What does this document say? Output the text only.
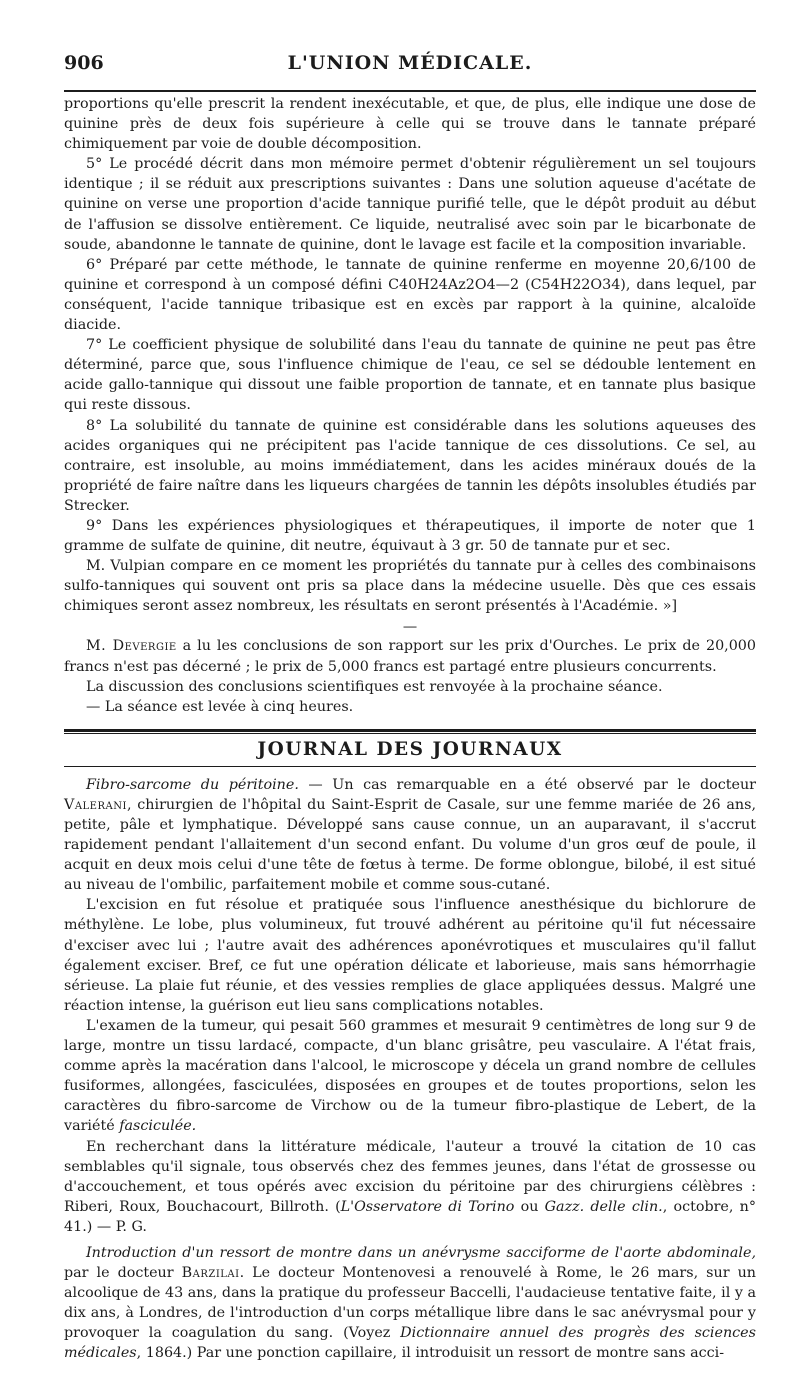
906	L'UNION MÉDICALE.

proportions qu'elle prescrit la rendent inexécutable, et que, de plus, elle indique une dose de quinine près de deux fois supérieure à celle qui se trouve dans le tannate préparé chimiquement par voie de double décomposition.

5° Le procédé décrit dans mon mémoire permet d'obtenir régulièrement un sel toujours identique ; il se réduit aux prescriptions suivantes : Dans une solution aqueuse d'acétate de quinine on verse une proportion d'acide tannique purifié telle, que le dépôt produit au début de l'affusion se dissolve entièrement. Ce liquide, neutralisé avec soin par le bicarbonate de soude, abandonne le tannate de quinine, dont le lavage est facile et la composition invariable.

6° Préparé par cette méthode, le tannate de quinine renferme en moyenne 20,6/100 de quinine et correspond à un composé défini C40H24Az2O4—2 (C54H22O34), dans lequel, par conséquent, l'acide tannique tribasique est en excès par rapport à la quinine, alcaloïde diacide.

7° Le coefficient physique de solubilité dans l'eau du tannate de quinine ne peut pas être déterminé, parce que, sous l'influence chimique de l'eau, ce sel se dédouble lentement en acide gallo-tannique qui dissout une faible proportion de tannate, et en tannate plus basique qui reste dissous.

8° La solubilité du tannate de quinine est considérable dans les solutions aqueuses des acides organiques qui ne précipitent pas l'acide tannique de ces dissolutions. Ce sel, au contraire, est insoluble, au moins immédiatement, dans les acides minéraux doués de la propriété de faire naître dans les liqueurs chargées de tannin les dépôts insolubles étudiés par Strecker.

9° Dans les expériences physiologiques et thérapeutiques, il importe de noter que 1 gramme de sulfate de quinine, dit neutre, équivaut à 3 gr. 50 de tannate pur et sec.

M. Vulpian compare en ce moment les propriétés du tannate pur à celles des combinaisons sulfo-tanniques qui souvent ont pris sa place dans la médecine usuelle. Dès que ces essais chimiques seront assez nombreux, les résultats en seront présentés à l'Académie. »]

—

M. Devergie a lu les conclusions de son rapport sur les prix d'Ourches. Le prix de 20,000 francs n'est pas décerné ; le prix de 5,000 francs est partagé entre plusieurs concurrents.

La discussion des conclusions scientifiques est renvoyée à la prochaine séance.

— La séance est levée à cinq heures.

JOURNAL DES JOURNAUX

Fibro-sarcome du péritoine. — Un cas remarquable en a été observé par le docteur Valerani, chirurgien de l'hôpital du Saint-Esprit de Casale, sur une femme mariée de 26 ans, petite, pâle et lymphatique. Développé sans cause connue, un an auparavant, il s'accrut rapidement pendant l'allaitement d'un second enfant. Du volume d'un gros œuf de poule, il acquit en deux mois celui d'une tête de fœtus à terme. De forme oblongue, bilobé, il est situé au niveau de l'ombilic, parfaitement mobile et comme sous-cutané.

L'excision en fut résolue et pratiquée sous l'influence anesthésique du bichlorure de méthylène. Le lobe, plus volumineux, fut trouvé adhérent au péritoine qu'il fut nécessaire d'exciser avec lui ; l'autre avait des adhérences aponévrotiques et musculaires qu'il fallut également exciser. Bref, ce fut une opération délicate et laborieuse, mais sans hémorrhagie sérieuse. La plaie fut réunie, et des vessies remplies de glace appliquées dessus. Malgré une réaction intense, la guérison eut lieu sans complications notables.

L'examen de la tumeur, qui pesait 560 grammes et mesurait 9 centimètres de long sur 9 de large, montre un tissu lardacé, compacte, d'un blanc grisâtre, peu vasculaire. A l'état frais, comme après la macération dans l'alcool, le microscope y décela un grand nombre de cellules fusiformes, allongées, fasciculées, disposées en groupes et de toutes proportions, selon les caractères du fibro-sarcome de Virchow ou de la tumeur fibro-plastique de Lebert, de la variété fasciculée.

En recherchant dans la littérature médicale, l'auteur a trouvé la citation de 10 cas semblables qu'il signale, tous observés chez des femmes jeunes, dans l'état de grossesse ou d'accouchement, et tous opérés avec excision du péritoine par des chirurgiens célèbres : Riberi, Roux, Bouchacourt, Billroth. (L'Osservatore di Torino ou Gazz. delle clin., octobre, n° 41.) — P. G.

Introduction d'un ressort de montre dans un anévrysme sacciforme de l'aorte abdominale, par le docteur Barzilai. Le docteur Montenovesi a renouvelé à Rome, le 26 mars, sur un alcoolique de 43 ans, dans la pratique du professeur Baccelli, l'audacieuse tentative faite, il y a dix ans, à Londres, de l'introduction d'un corps métallique libre dans le sac anévrysmal pour y provoquer la coagulation du sang. (Voyez Dictionnaire annuel des progrès des sciences médicales, 1864.) Par une ponction capillaire, il introduisit un ressort de montre sans acci-
